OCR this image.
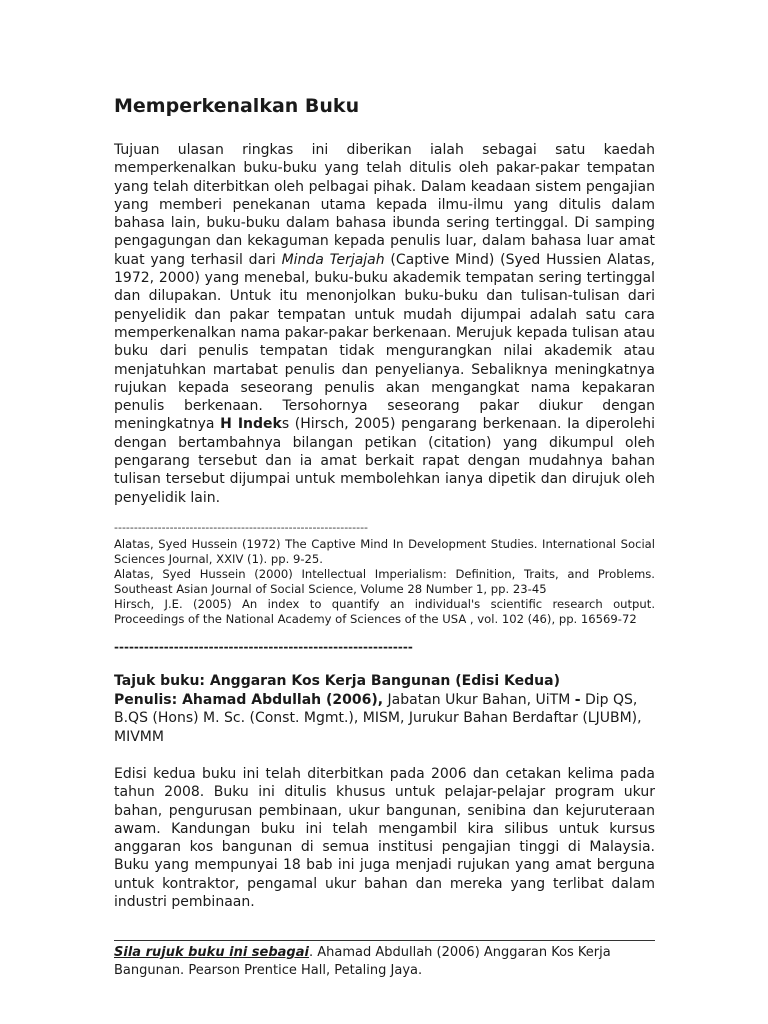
Memperkenalkan Buku

Tujuan ulasan ringkas ini diberikan ialah sebagai satu kaedah memperkenalkan buku-buku yang telah ditulis oleh pakar-pakar tempatan yang telah diterbitkan oleh pelbagai pihak. Dalam keadaan sistem pengajian yang memberi penekanan utama kepada ilmu-ilmu yang ditulis dalam bahasa lain, buku-buku dalam bahasa ibunda sering tertinggal. Di samping pengagungan dan kekaguman kepada penulis luar, dalam bahasa luar amat kuat yang terhasil dari Minda Terjajah (Captive Mind) (Syed Hussien Alatas, 1972, 2000) yang menebal, buku-buku akademik tempatan sering tertinggal dan dilupakan. Untuk itu menonjolkan buku-buku dan tulisan-tulisan dari penyelidik dan pakar tempatan untuk mudah dijumpai adalah satu cara memperkenalkan nama pakar-pakar berkenaan. Merujuk kepada tulisan atau buku dari penulis tempatan tidak mengurangkan nilai akademik atau menjatuhkan martabat penulis dan penyelianya. Sebaliknya meningkatnya rujukan kepada seseorang penulis akan mengangkat nama kepakaran penulis berkenaan. Tersohornya seseorang pakar diukur dengan meningkatnya H Indeks (Hirsch, 2005) pengarang berkenaan. Ia diperolehi dengan bertambahnya bilangan petikan (citation) yang dikumpul oleh pengarang tersebut dan ia amat berkait rapat dengan mudahnya bahan tulisan tersebut dijumpai untuk membolehkan ianya dipetik dan dirujuk oleh penyelidik lain.

----------------------------------------------------------------

Alatas, Syed Hussein (1972) The Captive Mind In Development Studies. International Social Sciences Journal, XXIV (1). pp. 9-25.

Alatas, Syed Hussein (2000) Intellectual Imperialism: Definition, Traits, and Problems. Southeast Asian Journal of Social Science, Volume 28 Number 1, pp. 23-45

Hirsch, J.E. (2005) An index to quantify an individual's scientific research output. Proceedings of the National Academy of Sciences of the USA , vol. 102 (46), pp. 16569-72

------------------------------------------------------------

Tajuk buku: Anggaran Kos Kerja Bangunan (Edisi Kedua)
Penulis: Ahamad Abdullah (2006), Jabatan Ukur Bahan, UiTM - Dip QS, B.QS (Hons) M. Sc. (Const. Mgmt.), MISM, Jurukur Bahan Berdaftar (LJUBM), MIVMM

Edisi kedua buku ini telah diterbitkan pada 2006 dan cetakan kelima pada tahun 2008. Buku ini ditulis khusus untuk pelajar-pelajar program ukur bahan, pengurusan pembinaan, ukur bangunan, senibina dan kejuruteraan awam. Kandungan buku ini telah mengambil kira silibus untuk kursus anggaran kos bangunan di semua institusi pengajian tinggi di Malaysia. Buku yang mempunyai 18 bab ini juga menjadi rujukan yang amat berguna untuk kontraktor, pengamal ukur bahan dan mereka yang terlibat dalam industri pembinaan.

Sila rujuk buku ini sebagai. Ahamad Abdullah (2006) Anggaran Kos Kerja Bangunan. Pearson Prentice Hall, Petaling Jaya.
